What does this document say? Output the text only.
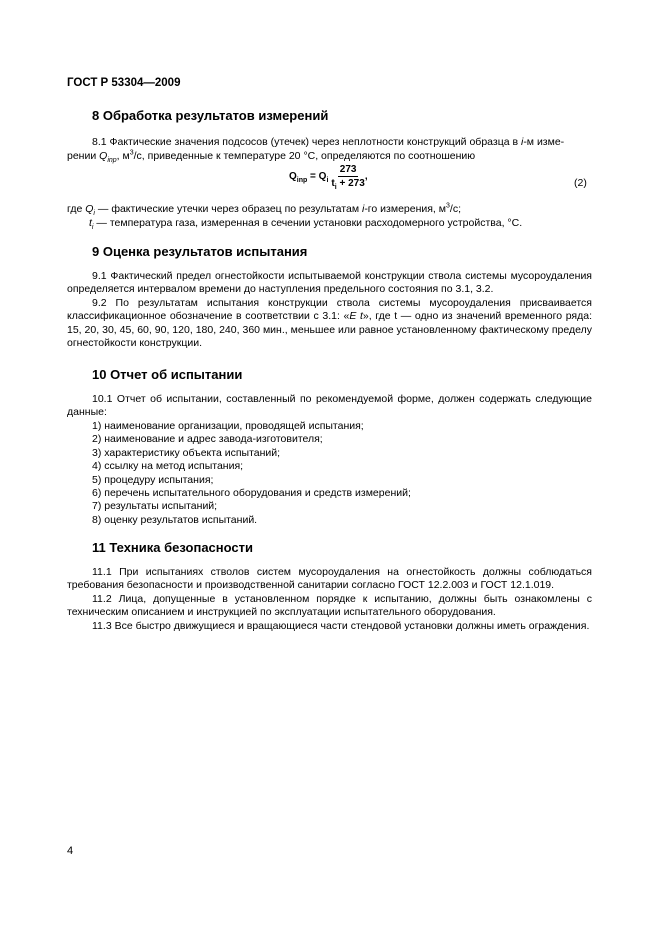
ГОСТ Р 53304—2009
8 Обработка результатов измерений

8.1 Фактические значения подсосов (утечек) через неплотности конструкций образца в i-м изме-

рении $Q_{inp}$, $м^3/с$, приведенные к температуре 20 °С, определяются по соотношению

$Q_{inp} = Q_i \frac{273}{t_i + 273}$ ,
(2)

где $Q_i$ — фактические утечки через образец по результатам i-го измерения, $м^3/с$;

$t_i$ — температура газа, измеренная в сечении установки расходомерного устройства, °С.

9 Оценка результатов испытания

9.1 Фактический предел огнестойкости испытываемой конструкции ствола системы мусороудаления определяется интервалом времени до наступления предельного состояния по 3.1, 3.2.

9.2 По результатам испытания конструкции ствола системы мусороудаления присваивается классификационное обозначение в соответствии с 3.1: «E t», где t — одно из значений временного ряда: 15, 20, 30, 45, 60, 90, 120, 180, 240, 360 мин., меньшее или равное установленному фактическому пределу огнестойкости конструкции.

10 Отчет об испытании

10.1 Отчет об испытании, составленный по рекомендуемой форме, должен содержать следующие данные:

1) наименование организации, проводящей испытания;
2) наименование и адрес завода-изготовителя;
3) характеристику объекта испытаний;
4) ссылку на метод испытания;
5) процедуру испытания;
6) перечень испытательного оборудования и средств измерений;
7) результаты испытаний;
8) оценку результатов испытаний.
11 Техника безопасности

11.1 При испытаниях стволов систем мусороудаления на огнестойкость должны соблюдаться требования безопасности и производственной санитарии согласно ГОСТ 12.2.003 и ГОСТ 12.1.019.

11.2 Лица, допущенные в установленном порядке к испытанию, должны быть ознакомлены с техническим описанием и инструкцией по эксплуатации испытательного оборудования.

11.3 Все быстро движущиеся и вращающиеся части стендовой установки должны иметь ограждения.

4
